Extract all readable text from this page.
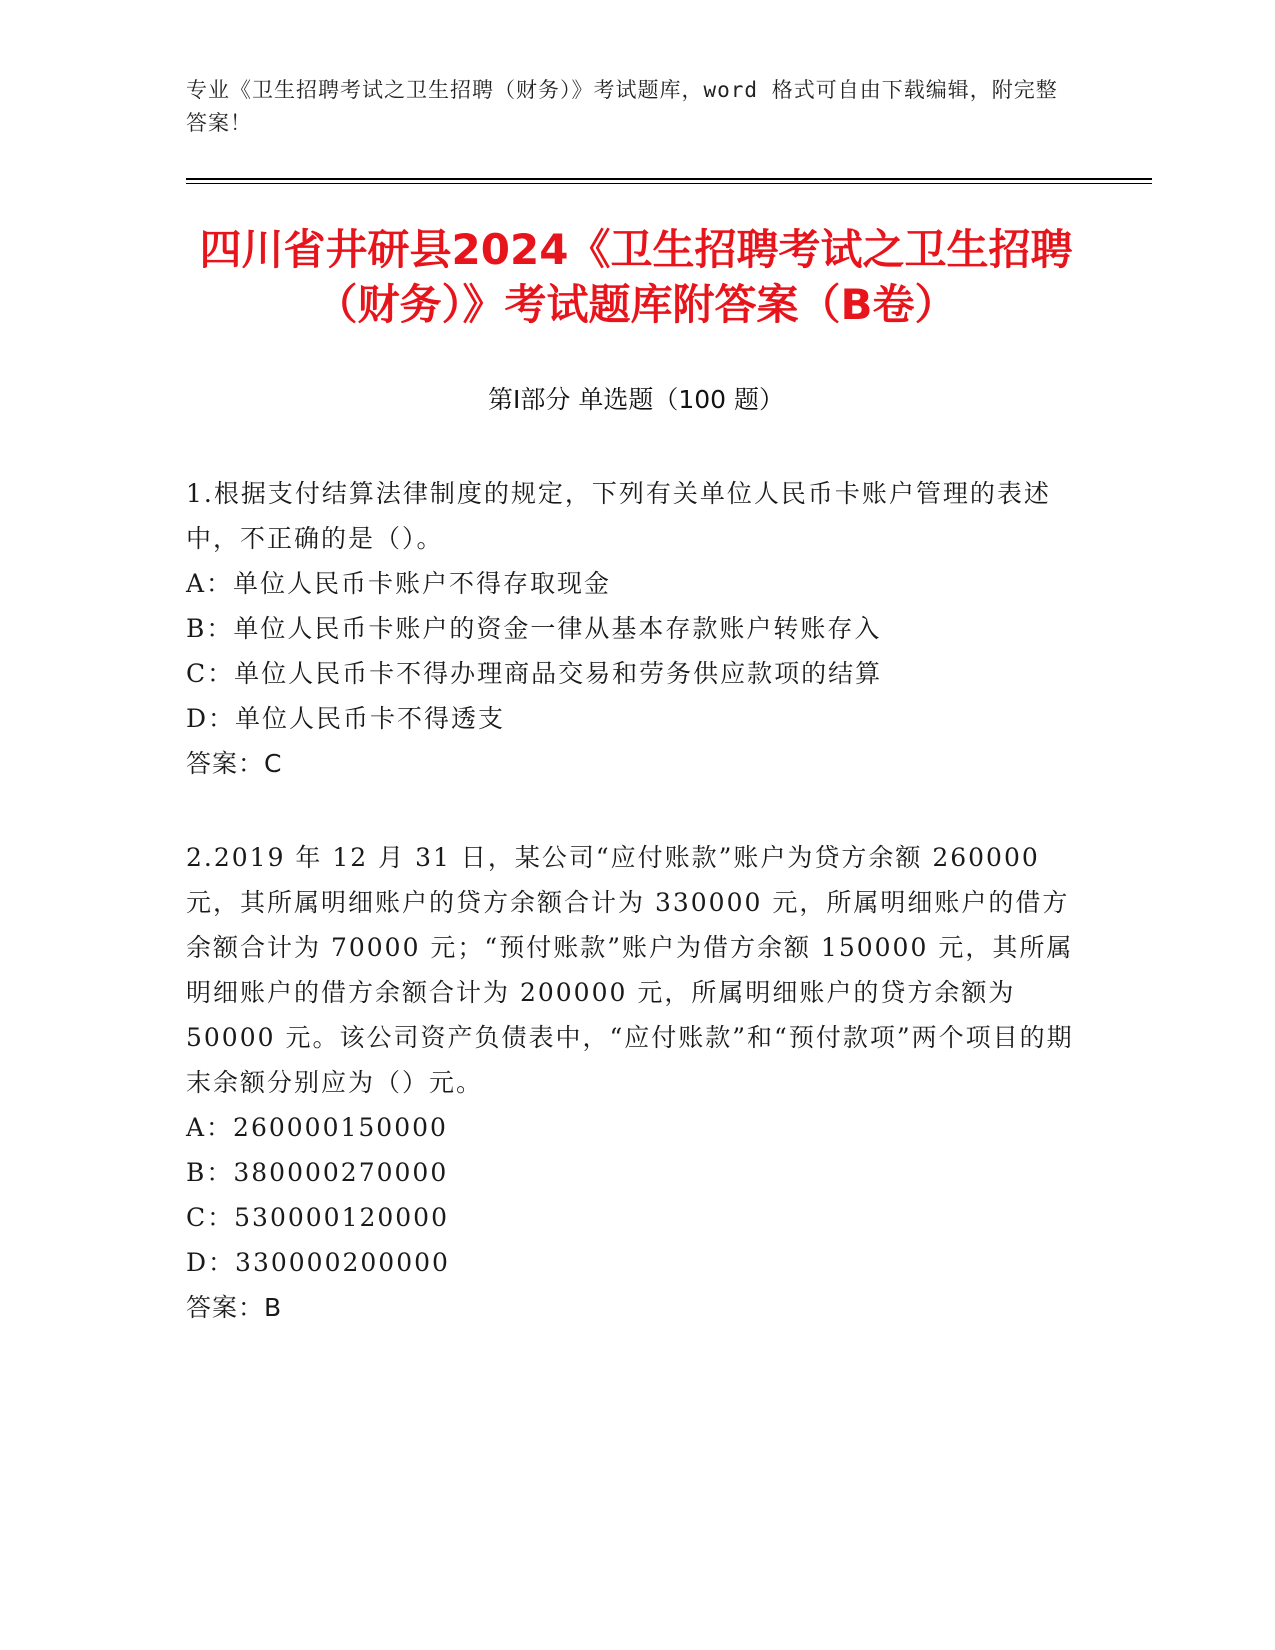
专业《卫生招聘考试之卫生招聘（财务）》考试题库，word 格式可自由下载编辑，附完整答案！
四川省井研县2024《卫生招聘考试之卫生招聘（财务）》考试题库附答案（B卷）
第Ⅰ部分 单选题（100 题）

1.根据支付结算法律制度的规定，下列有关单位人民币卡账户管理的表述中，不正确的是（）。

A：单位人民币卡账户不得存取现金

B：单位人民币卡账户的资金一律从基本存款账户转账存入

C：单位人民币卡不得办理商品交易和劳务供应款项的结算

D：单位人民币卡不得透支

答案：C

2.2019 年 12 月 31 日，某公司“应付账款”账户为贷方余额 260000 元，其所属明细账户的贷方余额合计为 330000 元，所属明细账户的借方余额合计为 70000 元；“预付账款”账户为借方余额 150000 元，其所属明细账户的借方余额合计为 200000 元，所属明细账户的贷方余额为 50000 元。该公司资产负债表中，“应付账款”和“预付款项”两个项目的期末余额分别应为（）元。

A：260000150000

B：380000270000

C：530000120000

D：330000200000

答案：B
